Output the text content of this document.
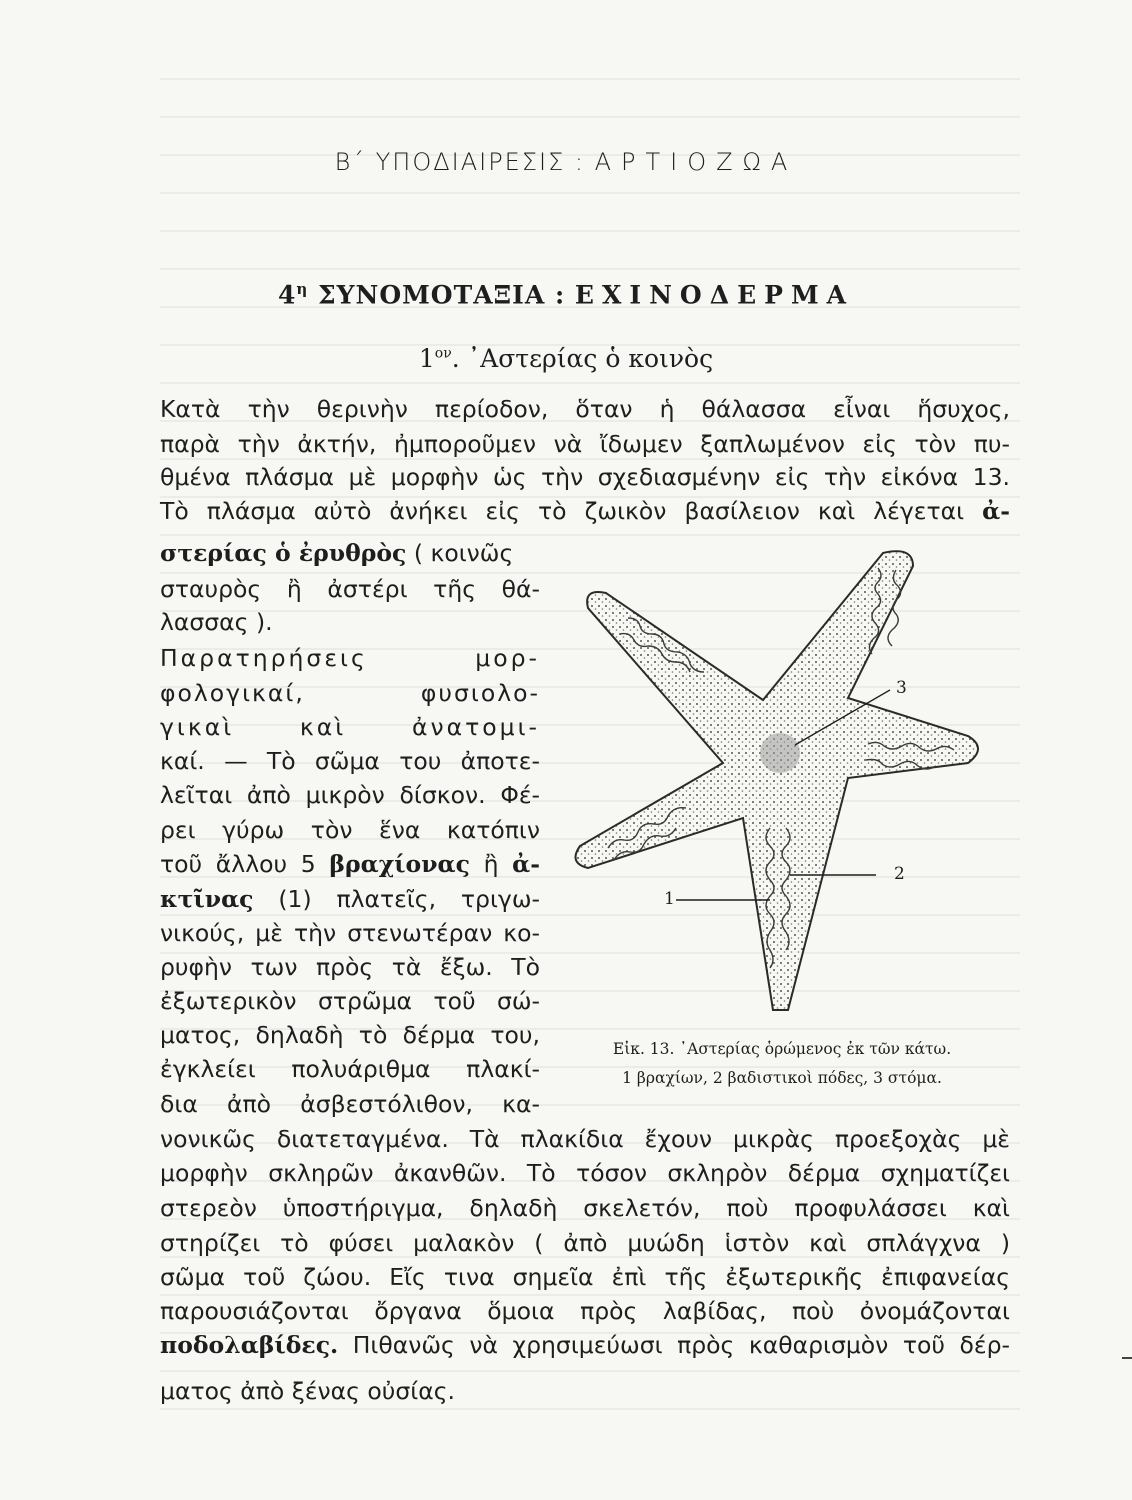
Β΄ ΥΠΟΔΙΑΙΡΕΣΙΣ : ΑΡΤΙΟΖΩΑ
$4^\eta$ ΣΥΝΟΜΟΤΑΞΙΑ : ΕΧΙΝΟΔΕΡΜΑ
$1^{o\nu}$. ᾿Αστερίας ὁ κοινὸς
Κατὰ τὴν θερινὴν περίοδον, ὅταν ἡ θάλασσα εἶναι ἥσυχος,
παρὰ τὴν ἀκτήν, ἠμποροῦμεν νὰ ἴδωμεν ξαπλωμένον εἰς τὸν πυ-
θμένα πλάσμα μὲ μορφὴν ὡς τὴν σχεδιασμένην εἰς τὴν εἰκόνα 13.
Τὸ πλάσμα αὐτὸ ἀνήκει εἰς τὸ ζωικὸν βασίλειον καὶ λέγεται ἀ-
στερίας ὁ ἐρυθρὸς ( κοινῶς
σταυρὸς ἢ ἀστέρι τῆς θά-
λασσας ).
Παρατηρήσεις μορ-
φολογικαί, φυσιολο-
γικαὶ καὶ ἀνατομι-
καί. — Τὸ σῶμα του ἀποτε-
λεῖται ἀπὸ μικρὸν δίσκον. Φέ-
ρει γύρω τὸν ἕνα κατόπιν
τοῦ ἄλλου 5 βραχίονας ἢ ἀ-
κτῖνας (1) πλατεῖς, τριγω-
νικούς, μὲ τὴν στενωτέραν κο-
ρυφὴν των πρὸς τὰ ἔξω. Τὸ
ἐξωτερικὸν στρῶμα τοῦ σώ-
ματος, δηλαδὴ τὸ δέρμα του,
ἐγκλείει πολυάριθμα πλακί-
δια ἀπὸ ἀσβεστόλιθον, κα-
νονικῶς διατεταγμένα. Τὰ πλακίδια ἔχουν μικρὰς προεξοχὰς μὲ
μορφὴν σκληρῶν ἀκανθῶν. Τὸ τόσον σκληρὸν δέρμα σχηματίζει
στερεὸν ὑποστήριγμα, δηλαδὴ σκελετόν, ποὺ προφυλάσσει καὶ
στηρίζει τὸ φύσει μαλακὸν ( ἀπὸ μυώδη ἱστὸν καὶ σπλάγχνα )
σῶμα τοῦ ζώου. Εἴς τινα σημεῖα ἐπὶ τῆς ἐξωτερικῆς ἐπιφανείας
παρουσιάζονται ὄργανα ὅμοια πρὸς λαβίδας, ποὺ ὀνομάζονται
ποδολαβίδες. Πιθανῶς νὰ χρησιμεύωσι πρὸς καθαρισμὸν τοῦ δέρ-
ματος ἀπὸ ξένας οὐσίας.
3
2
1
Εἰκ. 13. ᾿Αστερίας ὁρώμενος ἐκ τῶν κάτω.
1 βραχίων, 2 βαδιστικοὶ πόδες, 3 στόμα.
